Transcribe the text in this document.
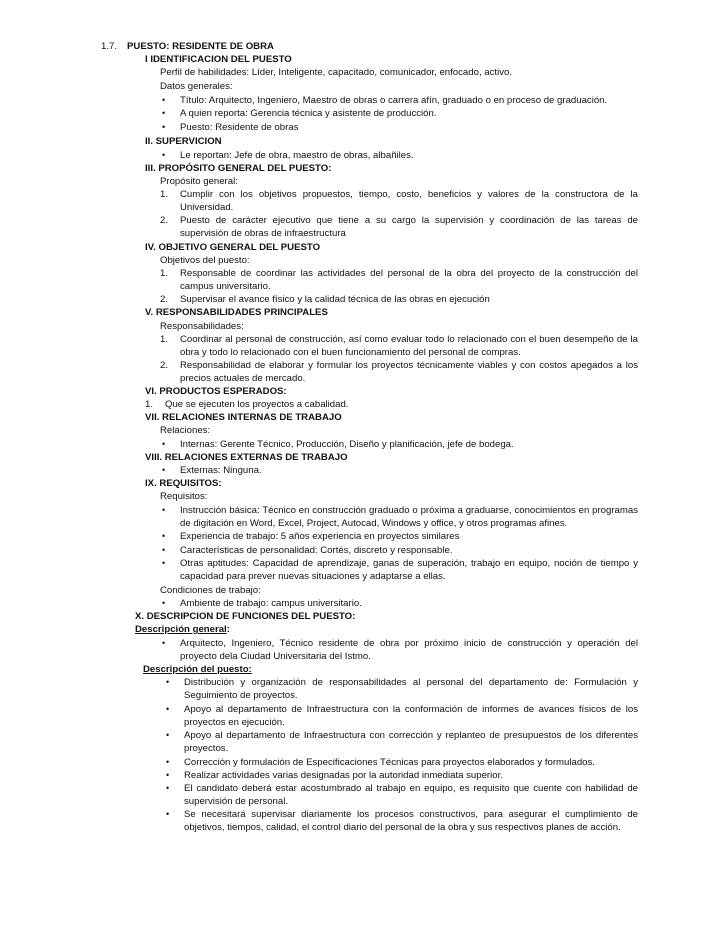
1.7. PUESTO: RESIDENTE DE OBRA
I IDENTIFICACION DEL PUESTO
Perfil de habilidades: Líder, Inteligente, capacitado, comunicador, enfocado, activo.
Datos generales:
•	Título: Arquitecto, Ingeniero, Maestro de obras o carrera afín, graduado o en proceso de graduación.
•	A quien reporta: Gerencia técnica y asistente de producción.
•	Puesto: Residente de obras
II. SUPERVICION
•	Le reportan: Jefe de obra, maestro de obras, albañiles.
III. PROPÓSITO GENERAL DEL PUESTO:
Propósito general:
1.	Cumplir con los objetivos propuestos, tiempo, costo, beneficios y valores de la constructora de la Universidad.
2.	Puesto de carácter ejecutivo que tiene a su cargo la supervisión y coordinación de las tareas de supervisión de obras de infraestructura
IV. OBJETIVO GENERAL DEL PUESTO
Objetivos del puesto:
1.	Responsable de coordinar las actividades del personal de la obra del proyecto de la construcción del campus universitario.
2.	Supervisar el avance físico y la calidad técnica de las obras en ejecución
V. RESPONSABILIDADES PRINCIPALES
Responsabilidades:
1.	Coordinar al personal de construcción, así como evaluar todo lo relacionado con el buen desempeño de la obra y todo lo relacionado con el buen funcionamiento del personal de compras.
2.	Responsabilidad de elaborar y formular los proyectos técnicamente viables y con costos apegados a los precios actuales de mercado.
VI. PRODUCTOS ESPERADOS:
1.	Que se ejecuten los proyectos a cabalidad.
VII. RELACIONES INTERNAS DE TRABAJO
Relaciones:
•	Internas: Gerente Técnico, Producción, Diseño y planificación, jefe de bodega.
VIII. RELACIONES EXTERNAS DE TRABAJO
•	Externas: Ninguna.
IX. REQUISITOS:
Requisitos:
•	Instrucción básica: Técnico en construcción graduado o próxima a graduarse, conocimientos en programas de digitación en Word, Excel, Project, Autocad, Windows y office, y otros programas afines.
•	Experiencia de trabajo: 5 años experiencia en proyectos similares
•	Características de personalidad: Cortés, discreto y responsable.
•	Otras aptitudes: Capacidad de aprendizaje, ganas de superación, trabajo en equipo, noción de tiempo y capacidad para prever nuevas situaciones y adaptarse a ellas.
Condiciones de trabajo:
•	Ambiente de trabajo: campus universitario.
X. DESCRIPCION DE FUNCIONES DEL PUESTO:
Descripción general:
•	Arquitecto, Ingeniero, Técnico residente de obra por próximo inicio de construcción y operación del proyecto dela Ciudad Universitaria del Istmo.
Descripción del puesto:
•	Distribución y organización de responsabilidades al personal del departamento de: Formulación y Seguimiento de proyectos.
•	Apoyo al departamento de Infraestructura con la conformación de informes de avances físicos de los proyectos en ejecución.
•	Apoyo al departamento de Infraestructura con corrección y replanteo de presupuestos de los diferentes proyectos.
•	Corrección y formulación de Especificaciones Técnicas para proyectos elaborados y formulados.
•	Realizar actividades varias designadas por la autoridad inmediata superior.
•	El candidato deberá estar acostumbrado al trabajo en equipo, es requisito que cuente con habilidad de supervisión de personal.
•	Se necesitará supervisar diariamente los procesos constructivos, para asegurar el cumplimiento de objetivos, tiempos, calidad, el control diario del personal de la obra y sus respectivos planes de acción.
